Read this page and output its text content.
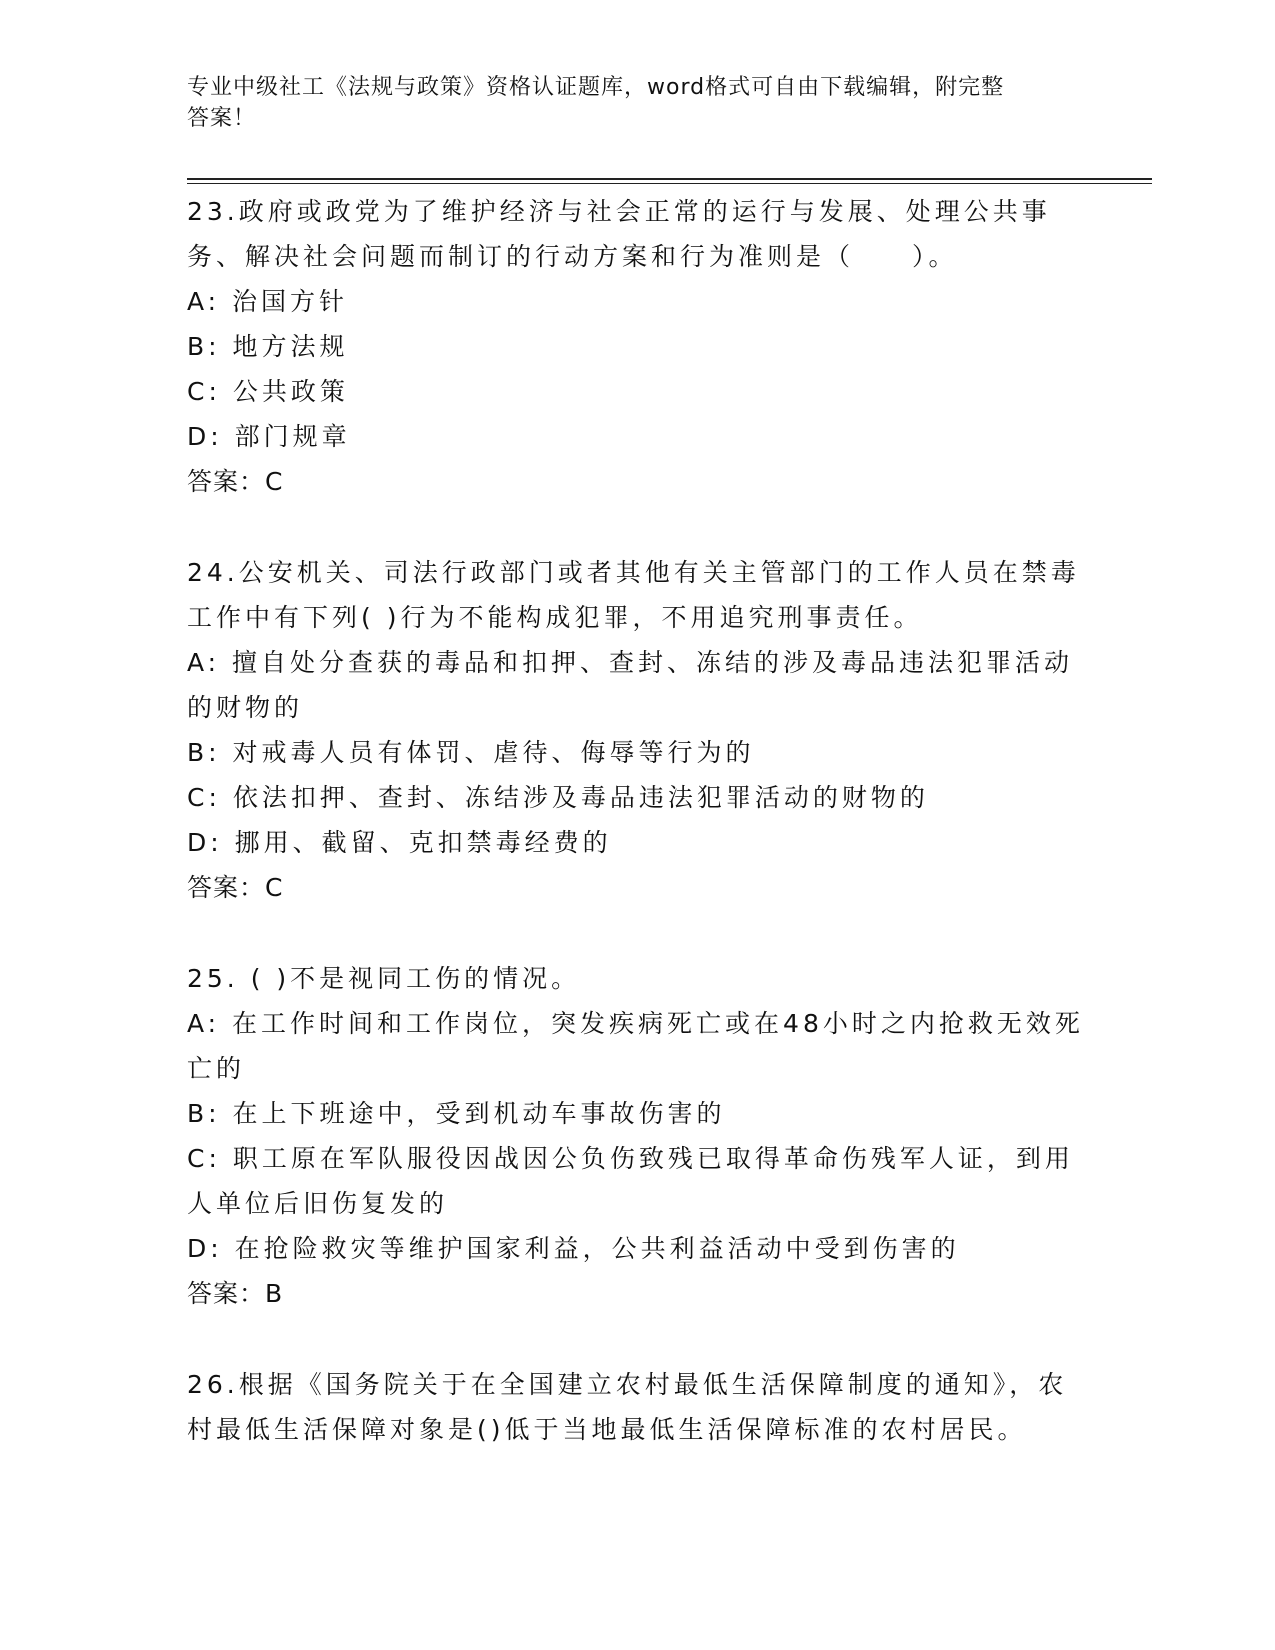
专业中级社工《法规与政策》资格认证题库，word格式可自由下载编辑，附完整
答案！

23.政府或政党为了维护经济与社会正常的运行与发展、处理公共事务、解决社会问题而制订的行动方案和行为准则是（　　）。

A: 治国方针

B: 地方法规

C: 公共政策

D: 部门规章

答案：C

24.公安机关、司法行政部门或者其他有关主管部门的工作人员在禁毒工作中有下列( )行为不能构成犯罪，不用追究刑事责任。

A: 擅自处分查获的毒品和扣押、查封、冻结的涉及毒品违法犯罪活动的财物的

B: 对戒毒人员有体罚、虐待、侮辱等行为的

C: 依法扣押、查封、冻结涉及毒品违法犯罪活动的财物的

D: 挪用、截留、克扣禁毒经费的

答案：C

25. ( )不是视同工伤的情况。

A: 在工作时间和工作岗位，突发疾病死亡或在48小时之内抢救无效死亡的

B: 在上下班途中，受到机动车事故伤害的

C: 职工原在军队服役因战因公负伤致残已取得革命伤残军人证，到用人单位后旧伤复发的

D: 在抢险救灾等维护国家利益，公共利益活动中受到伤害的

答案：B

26.根据《国务院关于在全国建立农村最低生活保障制度的通知》，农村最低生活保障对象是()低于当地最低生活保障标准的农村居民。
